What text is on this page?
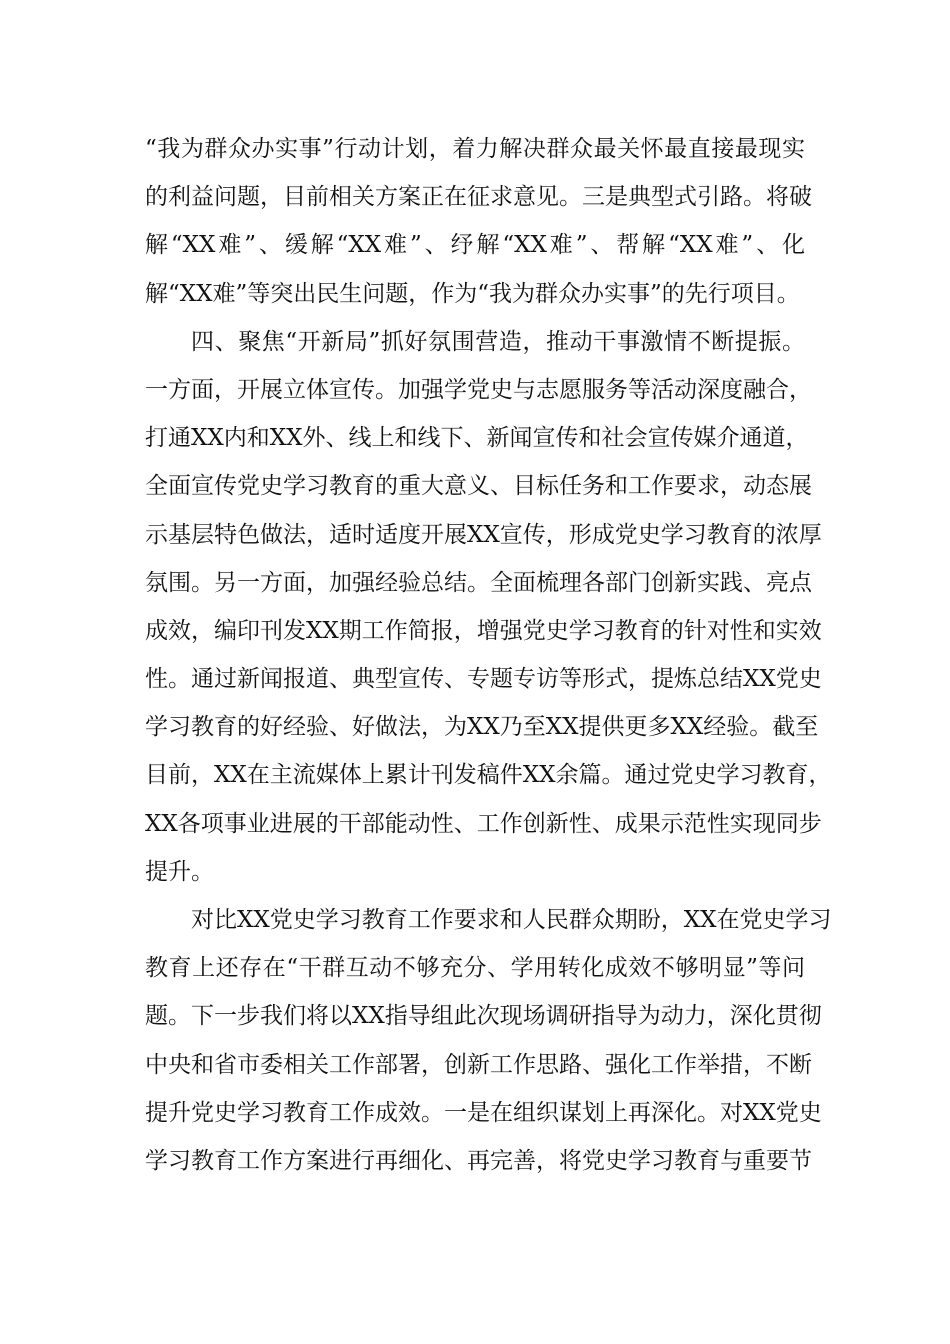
“我为群众办实事”行动计划，着力解决群众最关怀最直接最现实
的利益问题，目前相关方案正在征求意见。三是典型式引路。将破
解“XX难”、缓解“XX难”、纾解“XX难”、帮解“XX难”、化
解“XX难”等突出民生问题，作为“我为群众办实事”的先行项目。
四、聚焦“开新局”抓好氛围营造，推动干事激情不断提振。
一方面，开展立体宣传。加强学党史与志愿服务等活动深度融合，
打通XX内和XX外、线上和线下、新闻宣传和社会宣传媒介通道，
全面宣传党史学习教育的重大意义、目标任务和工作要求，动态展
示基层特色做法，适时适度开展XX宣传，形成党史学习教育的浓厚
氛围。另一方面，加强经验总结。全面梳理各部门创新实践、亮点
成效，编印刊发XX期工作简报，增强党史学习教育的针对性和实效
性。通过新闻报道、典型宣传、专题专访等形式，提炼总结XX党史
学习教育的好经验、好做法，为XX乃至XX提供更多XX经验。截至
目前，XX在主流媒体上累计刊发稿件XX余篇。通过党史学习教育，
XX各项事业进展的干部能动性、工作创新性、成果示范性实现同步
提升。
对比XX党史学习教育工作要求和人民群众期盼，XX在党史学习
教育上还存在“干群互动不够充分、学用转化成效不够明显”等问
题。下一步我们将以XX指导组此次现场调研指导为动力，深化贯彻
中央和省市委相关工作部署，创新工作思路、强化工作举措，不断
提升党史学习教育工作成效。一是在组织谋划上再深化。对XX党史
学习教育工作方案进行再细化、再完善，将党史学习教育与重要节
